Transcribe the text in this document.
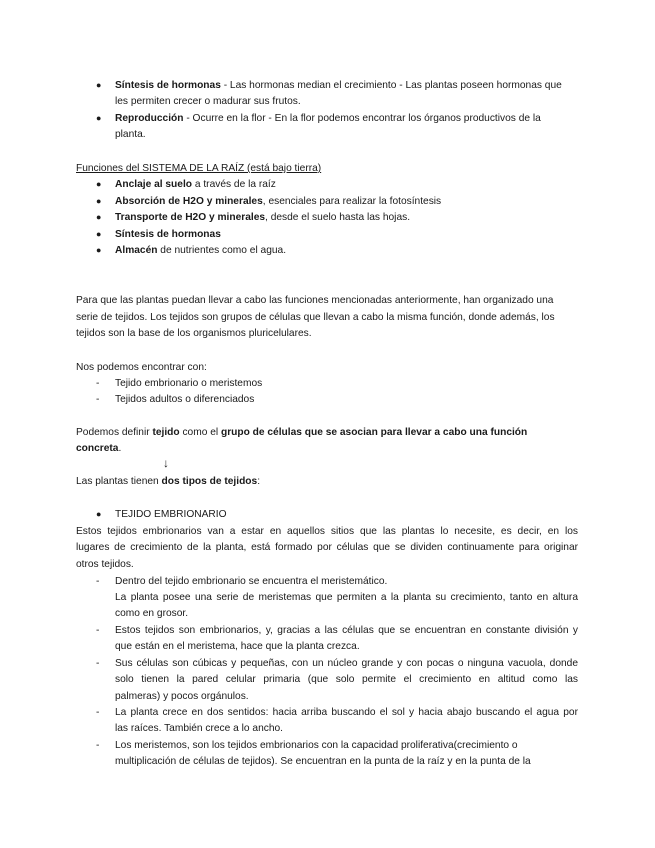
● Síntesis de hormonas - Las hormonas median el crecimiento - Las plantas poseen hormonas que
les permiten crecer o madurar sus frutos.
● Reproducción - Ocurre en la flor - En la flor podemos encontrar los órganos productivos de la
planta.
Funciones del SISTEMA DE LA RAÍZ (está bajo tierra)
● Anclaje al suelo a través de la raíz
● Absorción de H2O y minerales, esenciales para realizar la fotosíntesis
● Transporte de H2O y minerales, desde el suelo hasta las hojas.
● Síntesis de hormonas
● Almacén de nutrientes como el agua.
Para que las plantas puedan llevar a cabo las funciones mencionadas anteriormente, han organizado una
serie de tejidos. Los tejidos son grupos de células que llevan a cabo la misma función, donde además, los
tejidos son la base de los organismos pluricelulares.
Nos podemos encontrar con:
- Tejido embrionario o meristemos
- Tejidos adultos o diferenciados
Podemos definir tejido como el grupo de células que se asocian para llevar a cabo una función
concreta.
↓
Las plantas tienen dos tipos de tejidos:
● TEJIDO EMBRIONARIO
Estos tejidos embrionarios van a estar en aquellos sitios que las plantas lo necesite, es decir, en los
lugares de crecimiento de la planta, está formado por células que se dividen continuamente para originar
otros tejidos.
- Dentro del tejido embrionario se encuentra el meristemático.
La planta posee una serie de meristemas que permiten a la planta su crecimiento, tanto en altura
como en grosor.
- Estos tejidos son embrionarios, y, gracias a las células que se encuentran en constante división y
que están en el meristema, hace que la planta crezca.
- Sus células son cúbicas y pequeñas, con un núcleo grande y con pocas o ninguna vacuola, donde
solo tienen la pared celular primaria (que solo permite el crecimiento en altitud como las
palmeras) y pocos orgánulos.
- La planta crece en dos sentidos: hacia arriba buscando el sol y hacia abajo buscando el agua por
las raíces. También crece a lo ancho.
- Los meristemos, son los tejidos embrionarios con la capacidad proliferativa(crecimiento o
multiplicación de células de tejidos). Se encuentran en la punta de la raíz y en la punta de la
